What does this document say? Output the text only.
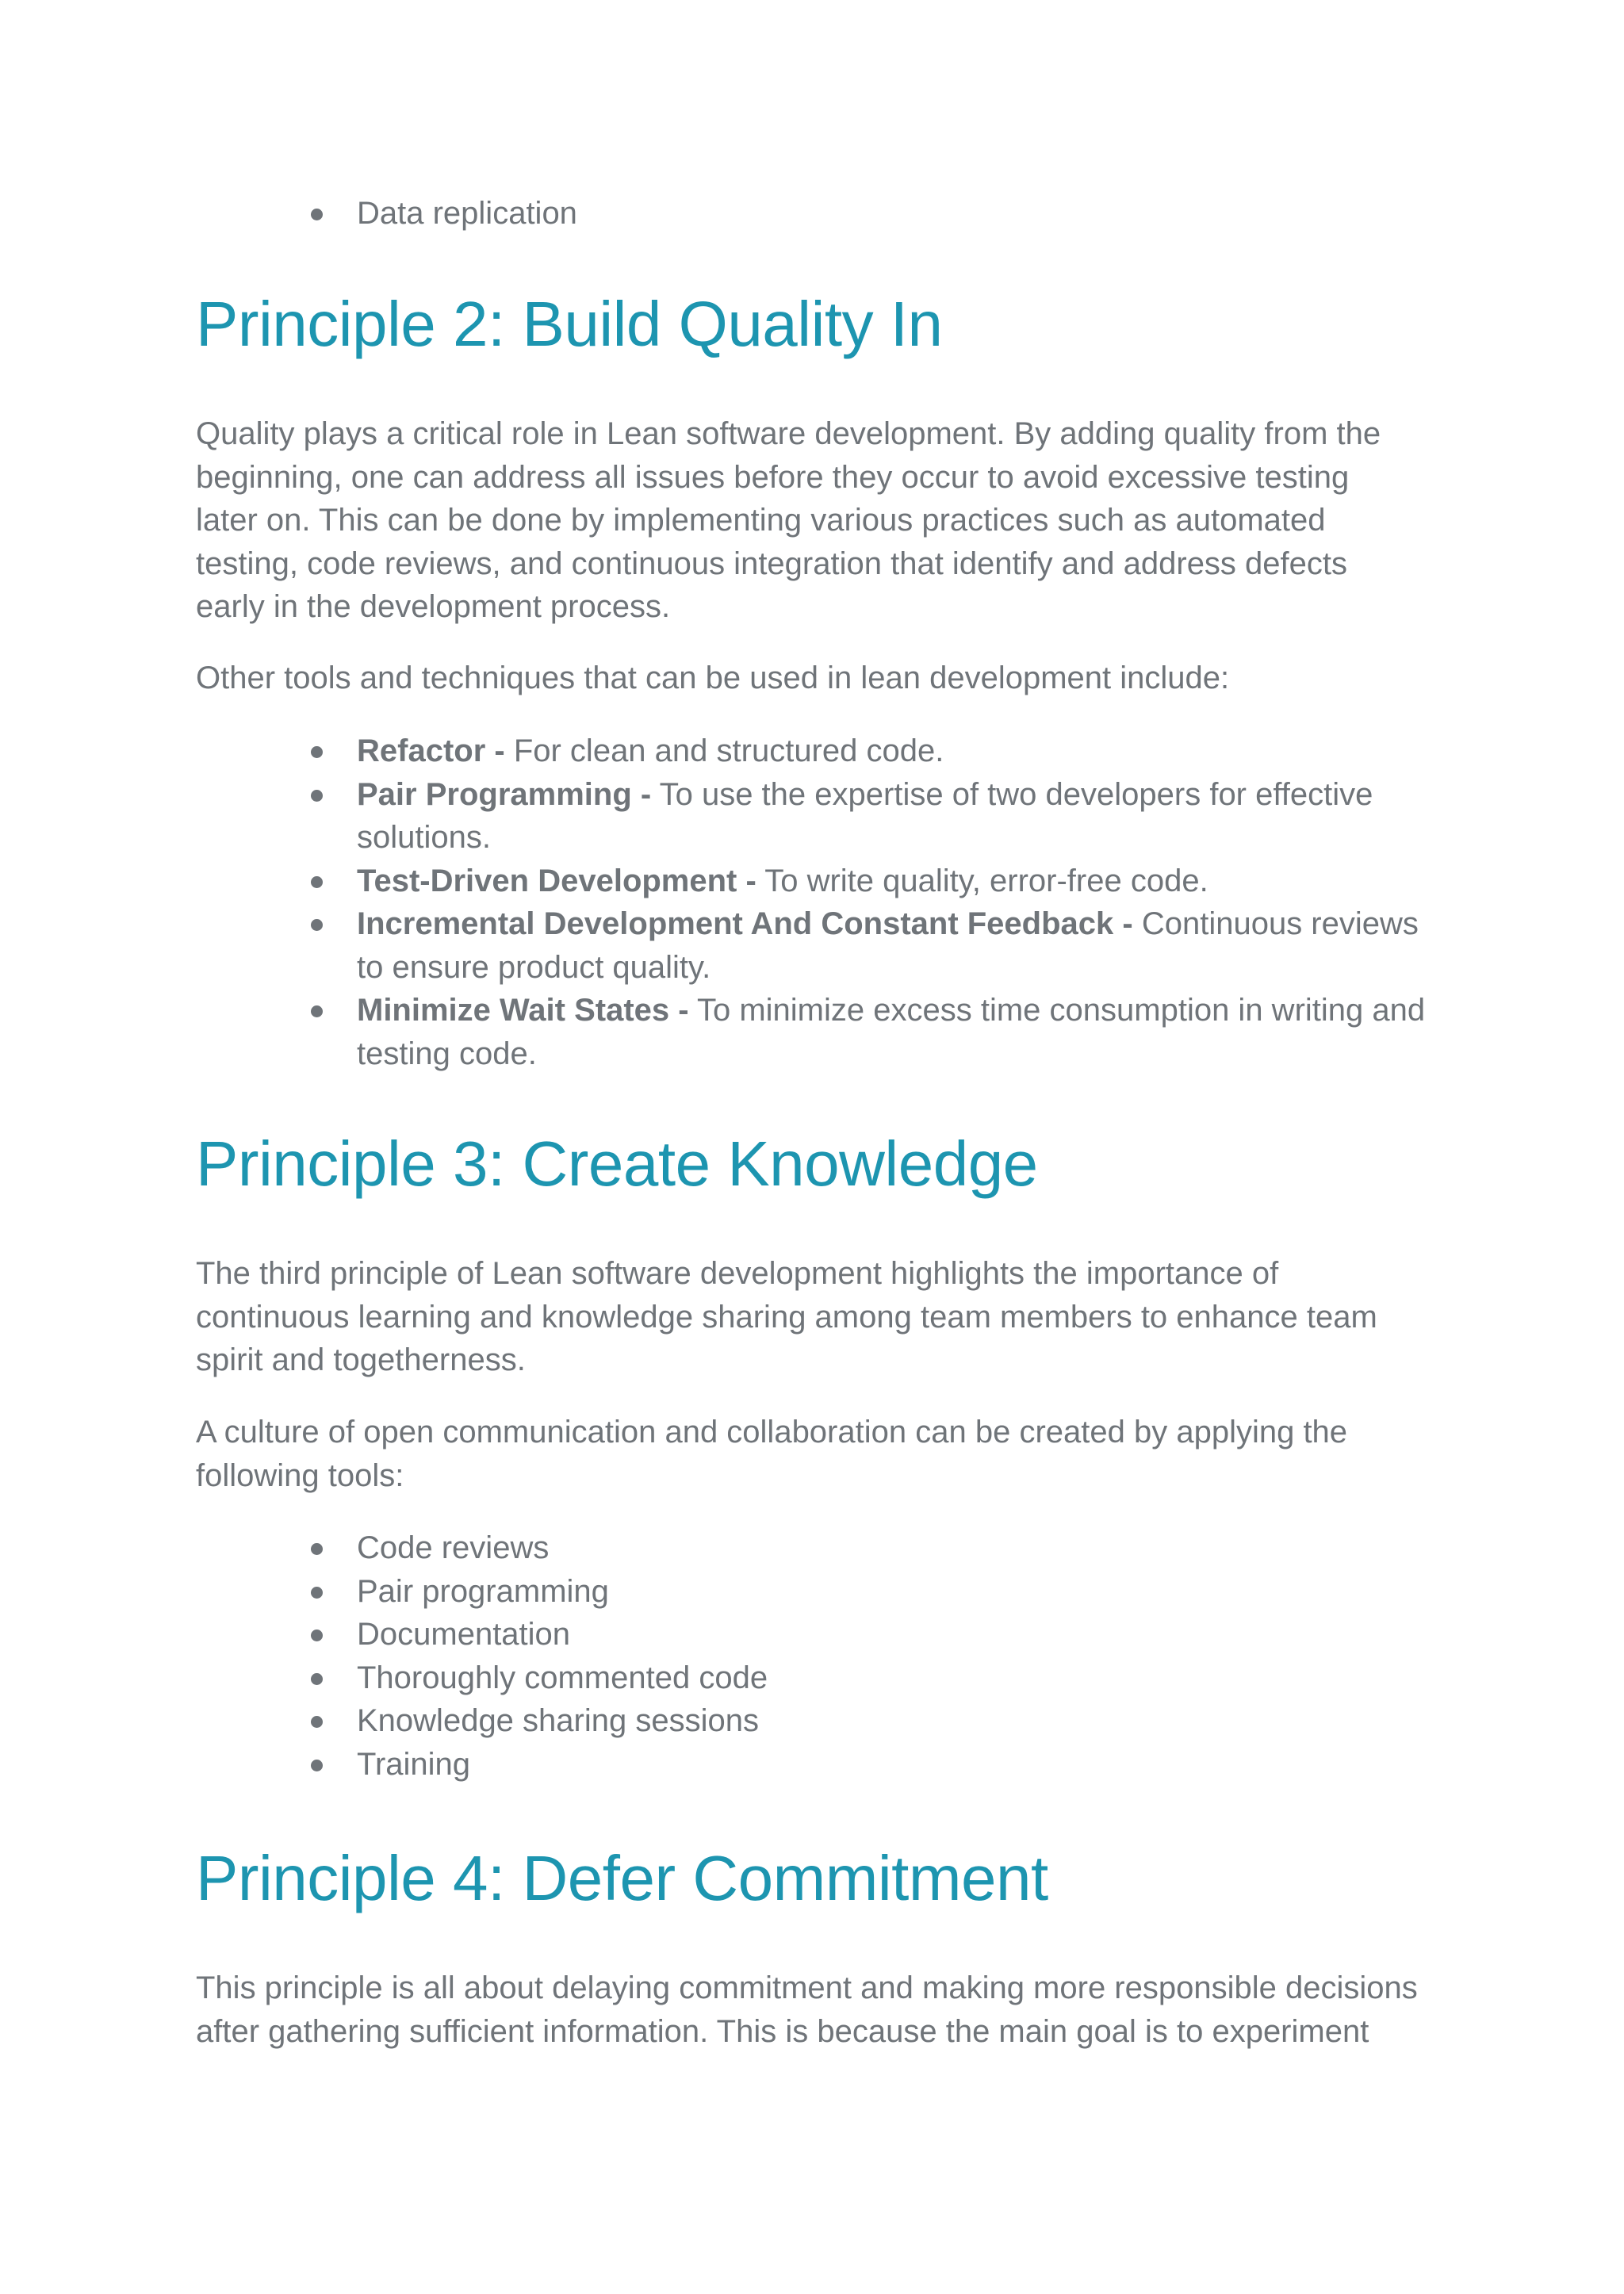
Data replication
Principle 2: Build Quality In

Quality plays a critical role in Lean software development. By adding quality from the beginning, one can address all issues before they occur to avoid excessive testing later on. This can be done by implementing various practices such as automated testing, code reviews, and continuous integration that identify and address defects early in the development process.

Other tools and techniques that can be used in lean development include:

Refactor - For clean and structured code.
Pair Programming - To use the expertise of two developers for effective solutions.
Test-Driven Development - To write quality, error-free code.
Incremental Development And Constant Feedback - Continuous reviews to ensure product quality.
Minimize Wait States - To minimize excess time consumption in writing and testing code.
Principle 3: Create Knowledge

The third principle of Lean software development highlights the importance of continuous learning and knowledge sharing among team members to enhance team spirit and togetherness.

A culture of open communication and collaboration can be created by applying the following tools:

Code reviews
Pair programming
Documentation
Thoroughly commented code
Knowledge sharing sessions
Training
Principle 4: Defer Commitment

This principle is all about delaying commitment and making more responsible decisions after gathering sufficient information. This is because the main goal is to experiment
